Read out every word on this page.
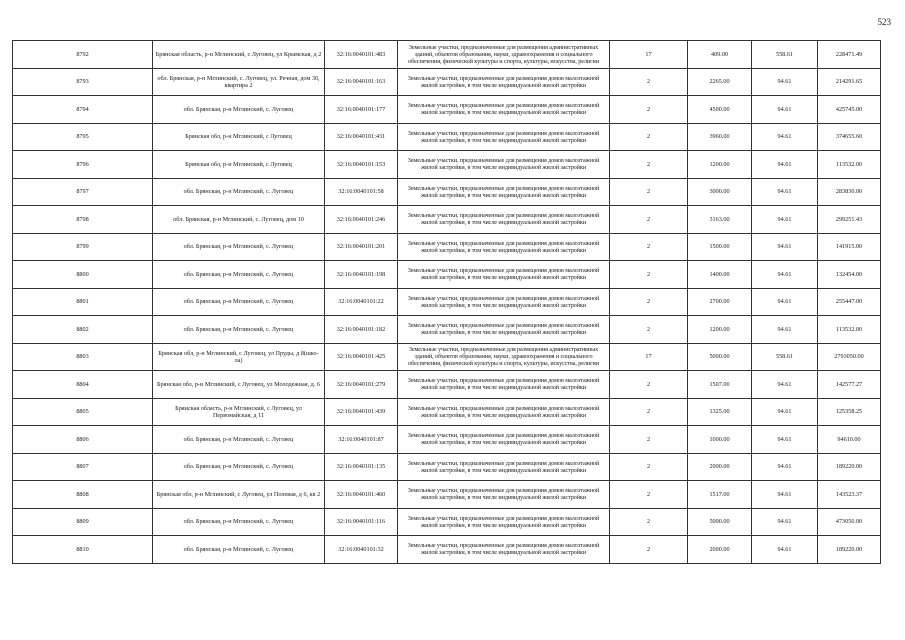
523
8792	Брянская область, р-н Мглинский, с Луговец, ул Крымская, д 2	32:16:0040101:483	Земельные участки, предназначенные для размещения административных зданий, объектов образования, науки, здравоохранения и социального обеспечения, физической культуры и спорта, культуры, искусства, религии	17	409.00	558.61	228471.49
8793	обл. Брянская, р-н Мглинский, с. Луговец, ул. Речная, дом 30, квартира 2	32:16:0040101:163	Земельные участки, предназначенные для размещения домов малоэтажной жилой застройки, в том числе индивидуальной жилой застройки	2	2265.00	94.61	214291.65
8794	обл. Брянская, р-н Мглинский, с. Луговец	32:16:0040101:177	Земельные участки, предназначенные для размещения домов малоэтажной жилой застройки, в том числе индивидуальной жилой застройки	2	4500.00	94.61	425745.00
8795	Брянская обл, р-н Мглинский, с Луговец	32:16:0040101:431	Земельные участки, предназначенные для размещения домов малоэтажной жилой застройки, в том числе индивидуальной жилой застройки	2	3960.00	94.61	374655.60
8796	Брянская обл, р-н Мглинский, с Луговец	32:16:0040101:153	Земельные участки, предназначенные для размещения домов малоэтажной жилой застройки, в том числе индивидуальной жилой застройки	2	1200.00	94.61	113532.00
8797	обл. Брянская, р-н Мглинский, с. Луговец	32:16:0040101:58	Земельные участки, предназначенные для размещения домов малоэтажной жилой застройки, в том числе индивидуальной жилой застройки	2	3000.00	94.61	283830.00
8798	обл. Брянская, р-н Мглинский, с. Луговец, дом 10	32:16:0040101:246	Земельные участки, предназначенные для размещения домов малоэтажной жилой застройки, в том числе индивидуальной жилой застройки	2	3163.00	94.61	299251.43
8799	обл. Брянская, р-н Мглинский, с. Луговец	32:16:0040101:201	Земельные участки, предназначенные для размещения домов малоэтажной жилой застройки, в том числе индивидуальной жилой застройки	2	1500.00	94.61	141915.00
8800	обл. Брянская, р-н Мглинский, с. Луговец	32:16:0040101:198	Земельные участки, предназначенные для размещения домов малоэтажной жилой застройки, в том числе индивидуальной жилой застройки	2	1400.00	94.61	132454.00
8801	обл. Брянская, р-н Мглинский, с. Луговец	32:16:0040101:22	Земельные участки, предназначенные для размещения домов малоэтажной жилой застройки, в том числе индивидуальной жилой застройки	2	2700.00	94.61	255447.00
8802	обл. Брянская, р-н Мглинский, с. Луговец	32:16:0040101:182	Земельные участки, предназначенные для размещения домов малоэтажной жилой застройки, в том числе индивидуальной жилой застройки	2	1200.00	94.61	113532.00
8803	Брянская обл, р-н Мглинский, с Луговец, ул Пруды, д 8(шко-ла)	32:16:0040101:425	Земельные участки, предназначенные для размещения административных зданий, объектов образования, науки, здравоохранения и социального обеспечения, физической культуры и спорта, культуры, искусства, религии	17	5000.00	558.61	2793050.00
8804	Брянская обл, р-н Мглинский, с Луговец, ул Молодежная, д. 6	32:16:0040101:279	Земельные участки, предназначенные для размещения домов малоэтажной жилой застройки, в том числе индивидуальной жилой застройки	2	1507.00	94.61	142577.27
8805	Брянская область, р-н Мглинский, с Луговец, ул Первомайская, д 11	32:16:0040101:439	Земельные участки, предназначенные для размещения домов малоэтажной жилой застройки, в том числе индивидуальной жилой застройки	2	1325.00	94.61	125358.25
8806	обл. Брянская, р-н Мглинский, с. Луговец	32:16:0040101:87	Земельные участки, предназначенные для размещения домов малоэтажной жилой застройки, в том числе индивидуальной жилой застройки	2	1000.00	94.61	94610.00
8807	обл. Брянская, р-н Мглинский, с. Луговец	32:16:0040101:135	Земельные участки, предназначенные для размещения домов малоэтажной жилой застройки, в том числе индивидуальной жилой застройки	2	2000.00	94.61	189220.00
8808	Брянская обл, р-н Мглинский, с Луговец, ул Полевая, д 6, кв 2	32:16:0040101:460	Земельные участки, предназначенные для размещения домов малоэтажной жилой застройки, в том числе индивидуальной жилой застройки	2	1517.00	94.61	143523.37
8809	обл. Брянская, р-н Мглинский, с. Луговец	32:16:0040101:116	Земельные участки, предназначенные для размещения домов малоэтажной жилой застройки, в том числе индивидуальной жилой застройки	2	5000.00	94.61	473050.00
8810	обл. Брянская, р-н Мглинский, с. Луговец	32:16:0040101:32	Земельные участки, предназначенные для размещения домов малоэтажной жилой застройки, в том числе индивидуальной жилой застройки	2	2000.00	94.61	189220.00
